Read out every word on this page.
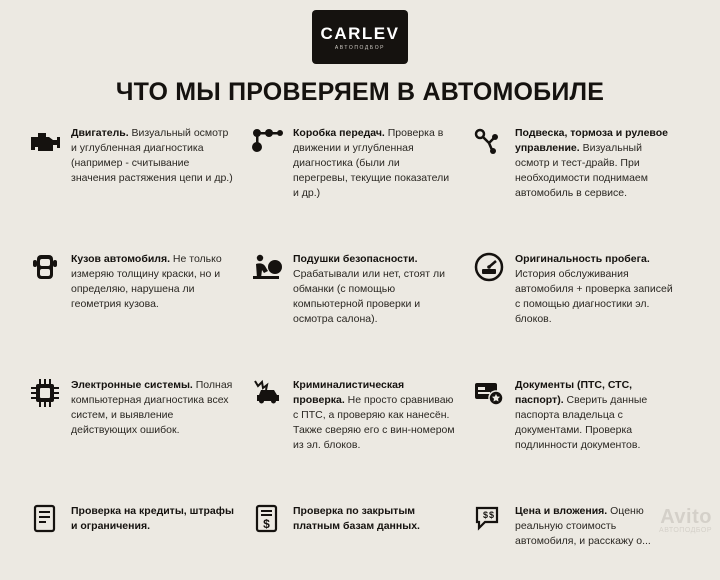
CARLEV
АВТОПОДБОР
ЧТО МЫ ПРОВЕРЯЕМ В АВТОМОБИЛЕ
Двигатель. Визуальный осмотр и углубленная диагностика (например - считывание значения растяжения цепи и др.)
Коробка передач. Проверка в движении и углубленная диагностика (были ли перегревы, текущие показатели и др.)
Подвеска, тормоза и рулевое управление. Визуальный осмотр и тест-драйв. При необходимости поднимаем автомобиль в сервисе.
Кузов автомобиля. Не только измеряю толщину краски, но и определяю, нарушена ли геометрия кузова.
Подушки безопасности. Срабатывали или нет, стоят ли обманки (с помощью компьютерной проверки и осмотра салона).
Оригинальность пробега. История обслуживания автомобиля + проверка записей с помощью диагностики эл. блоков.
Электронные системы. Полная компьютерная диагностика всех систем, и выявление действующих ошибок.
Криминалистическая проверка. Не просто сравниваю с ПТС, а проверяю как нанесён. Также сверяю его с вин-номером из эл. блоков.
Документы (ПТС, СТС, паспорт). Сверить данные паспорта владельца с документами. Проверка подлинности документов.
Проверка на кредиты, штрафы и ограничения.	$
Проверка по закрытым платным базам данных.
$ $ Цена и вложения. Оценю реальную стоимость автомобиля, и расскажу о...
Avito
АВТОПОДБОР
